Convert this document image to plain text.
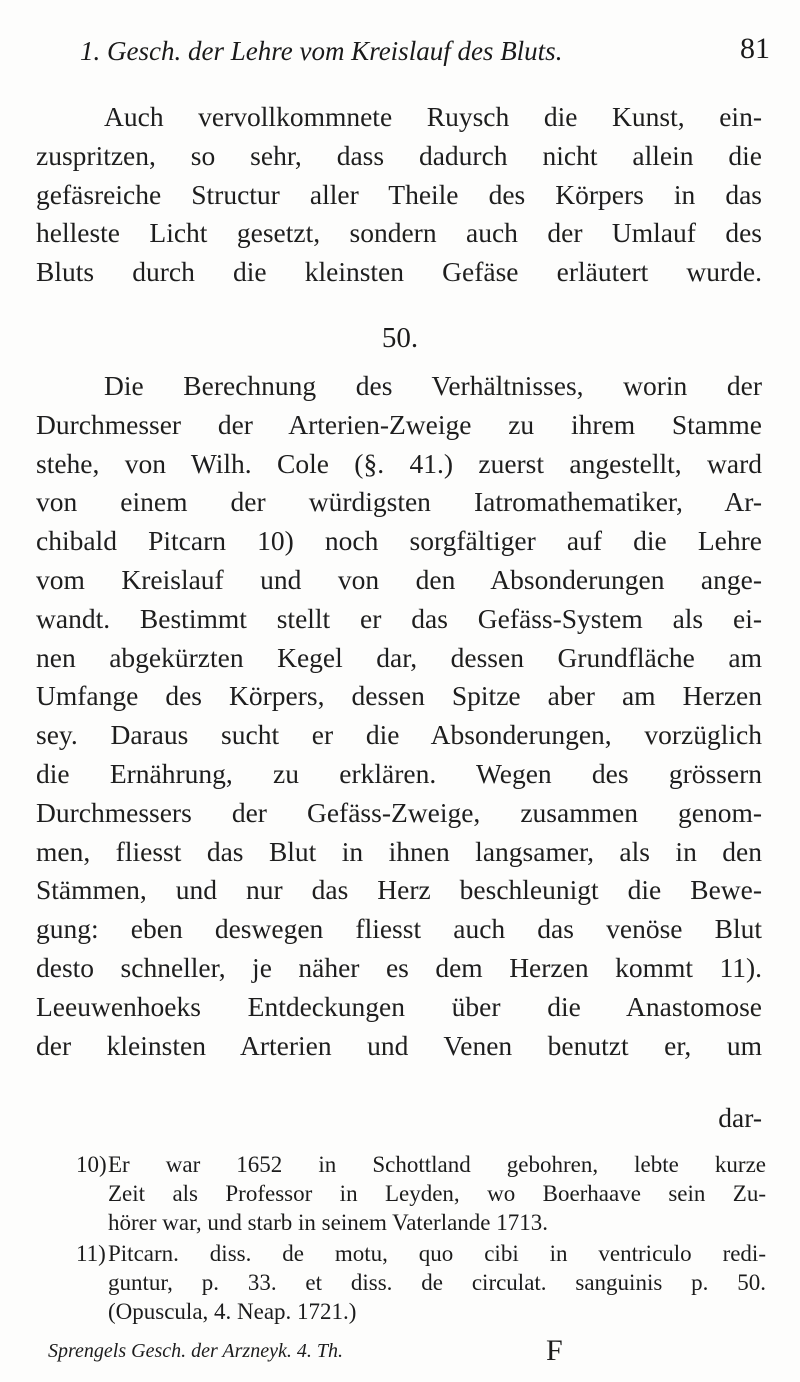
1. Gesch. der Lehre vom Kreislauf des Bluts.	81
Auch vervollkommnete Ruysch die Kunst, ein-
zuspritzen, so sehr, dass dadurch nicht allein die
gefäsreiche Structur aller Theile des Körpers in das
helleste Licht gesetzt, sondern auch der Umlauf des
Bluts durch die kleinsten Gefäse erläutert wurde.
50.
Die Berechnung des Verhältnisses, worin der
Durchmesser der Arterien-Zweige zu ihrem Stamme
stehe, von Wilh. Cole (§. 41.) zuerst angestellt, ward
von einem der würdigsten Iatromathematiker, Ar-
chibald Pitcarn 10) noch sorgfältiger auf die Lehre
vom Kreislauf und von den Absonderungen ange-
wandt. Bestimmt stellt er das Gefäss-System als ei-
nen abgekürzten Kegel dar, dessen Grundfläche am
Umfange des Körpers, dessen Spitze aber am Herzen
sey. Daraus sucht er die Absonderungen, vorzüglich
die Ernährung, zu erklären. Wegen des grössern
Durchmessers der Gefäss-Zweige, zusammen genom-
men, fliesst das Blut in ihnen langsamer, als in den
Stämmen, und nur das Herz beschleunigt die Bewe-
gung: eben deswegen fliesst auch das venöse Blut
desto schneller, je näher es dem Herzen kommt 11).
Leeuwenhoeks Entdeckungen über die Anastomose
der kleinsten Arterien und Venen benutzt er, um
dar-
10) Er war 1652 in Schottland gebohren, lebte kurze
Zeit als Professor in Leyden, wo Boerhaave sein Zu-
hörer war, und starb in seinem Vaterlande 1713.
11) Pitcarn. diss. de motu, quo cibi in ventriculo redi-
guntur, p. 33. et diss. de circulat. sanguinis p. 50.
(Opuscula, 4. Neap. 1721.)
Sprengels Gesch. der Arzneyk. 4. Th.	F
